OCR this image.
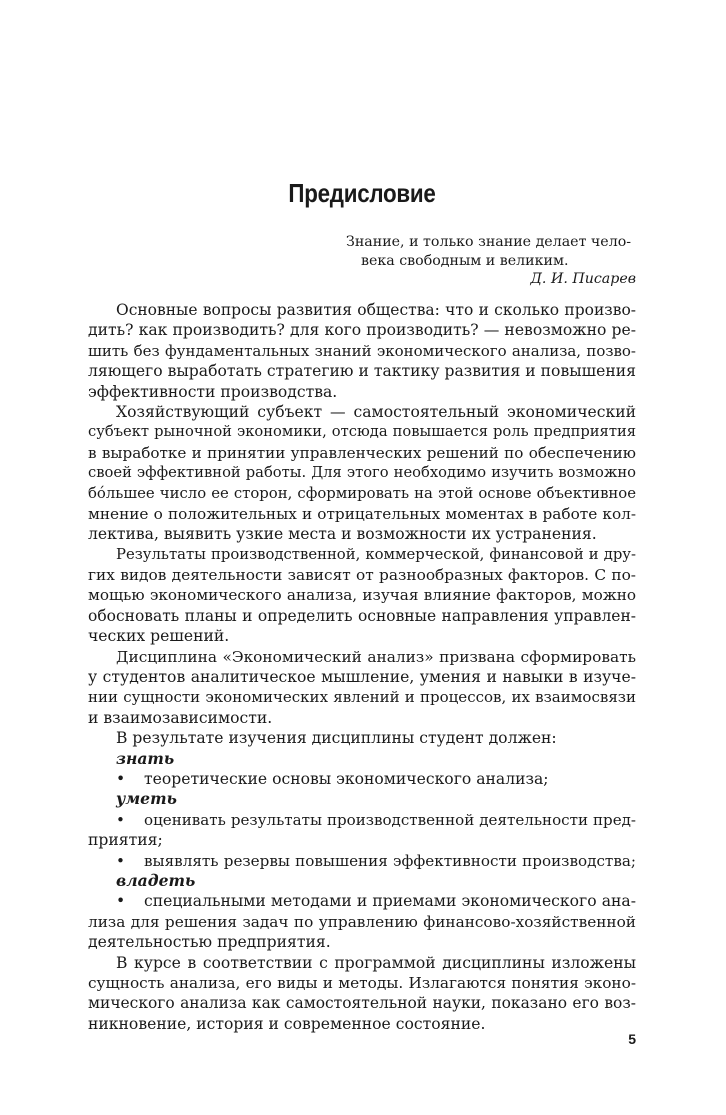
Предисловие
Знание, и только знание делает чело-
века свободным и великим.
Д. И. Писарев
Основные вопросы развития общества: что и сколько произво-
дить? как производить? для кого производить? — невозможно ре-
шить без фундаментальных знаний экономического анализа, позво-
ляющего выработать стратегию и тактику развития и повышения
эффективности производства.
Хозяйствующий субъект — самостоятельный экономический
субъект рыночной экономики, отсюда повышается роль предприятия
в выработке и принятии управленческих решений по обеспечению
своей эффективной работы. Для этого необходимо изучить возможно
бóльшее число ее сторон, сформировать на этой основе объективное
мнение о положительных и отрицательных моментах в работе кол-
лектива, выявить узкие места и возможности их устранения.
Результаты производственной, коммерческой, финансовой и дру-
гих видов деятельности зависят от разнообразных факторов. С по-
мощью экономического анализа, изучая влияние факторов, можно
обосновать планы и определить основные направления управлен-
ческих решений.
Дисциплина «Экономический анализ» призвана сформировать
у студентов аналитическое мышление, умения и навыки в изуче-
нии сущности экономических явлений и процессов, их взаимосвязи
и взаимозависимости.
В результате изучения дисциплины студент должен:
знать
• теоретические основы экономического анализа;
уметь
• оценивать результаты производственной деятельности пред-
приятия;
• выявлять резервы повышения эффективности производства;
владеть
• специальными методами и приемами экономического ана-
лиза для решения задач по управлению финансово-хозяйственной
деятельностью предприятия.
В курсе в соответствии с программой дисциплины изложены
сущность анализа, его виды и методы. Излагаются понятия эконо-
мического анализа как самостоятельной науки, показано его воз-
никновение, история и современное состояние.
5
